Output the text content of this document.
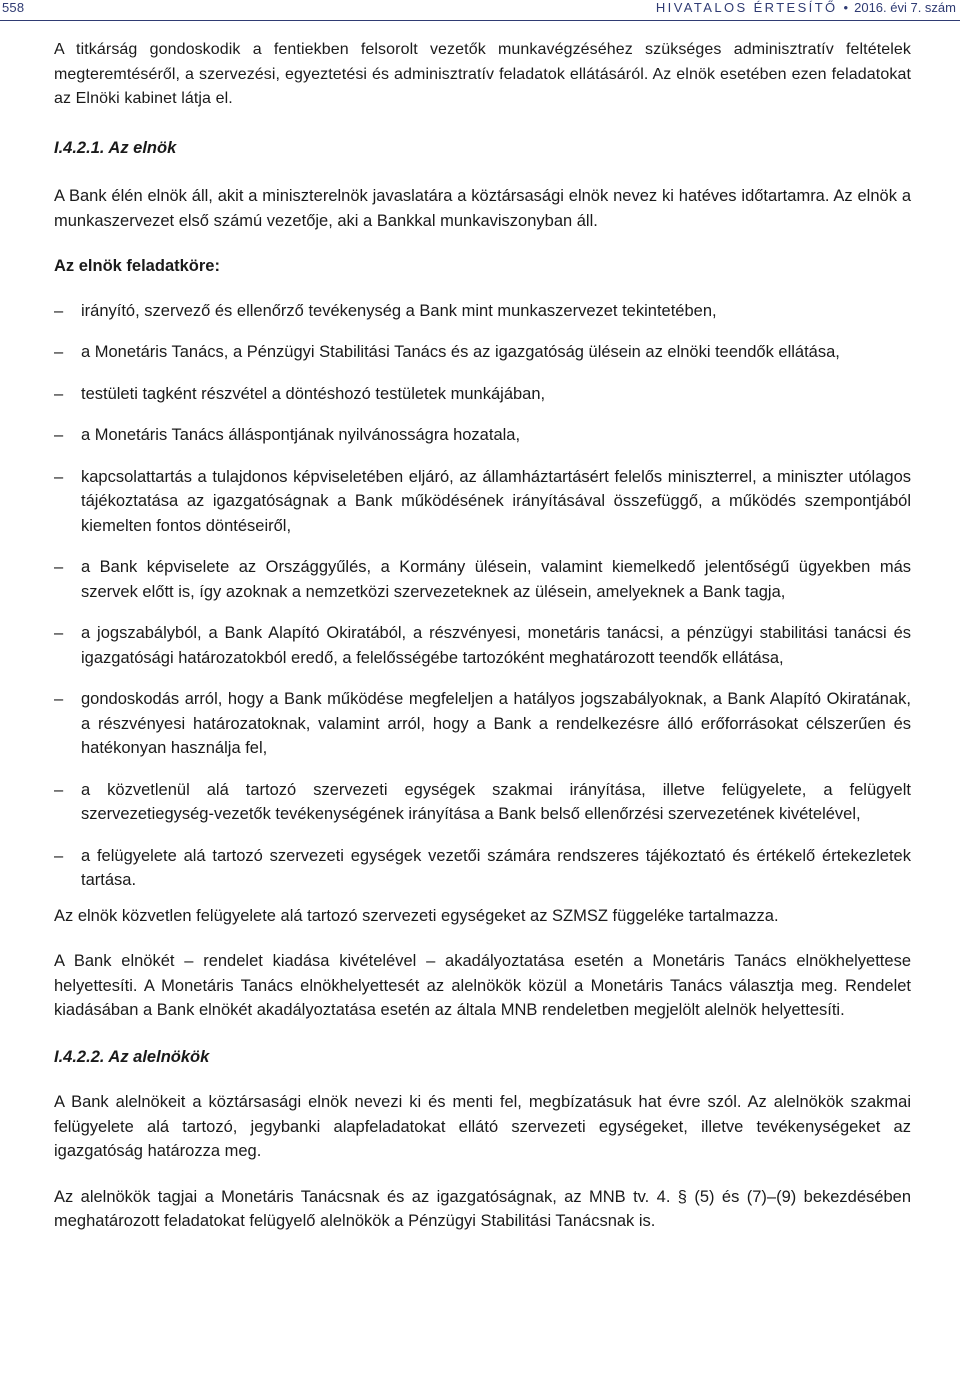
558	HIVATALOS ÉRTESÍTŐ • 2016. évi 7. szám

A titkárság gondoskodik a fentiekben felsorolt vezetők munkavégzéséhez szükséges adminisztratív feltételek megteremtéséről, a szervezési, egyeztetési és adminisztratív feladatok ellátásáról. Az elnök esetében ezen feladatokat az Elnöki kabinet látja el.

I.4.2.1. Az elnök

A Bank élén elnök áll, akit a miniszterelnök javaslatára a köztársasági elnök nevez ki hatéves időtartamra. Az elnök a munkaszervezet első számú vezetője, aki a Bankkal munkaviszonyban áll.

Az elnök feladatköre:

– irányító, szervező és ellenőrző tevékenység a Bank mint munkaszervezet tekintetében,

– a Monetáris Tanács, a Pénzügyi Stabilitási Tanács és az igazgatóság ülésein az elnöki teendők ellátása,

– testületi tagként részvétel a döntéshozó testületek munkájában,

– a Monetáris Tanács álláspontjának nyilvánosságra hozatala,

– kapcsolattartás a tulajdonos képviseletében eljáró, az államháztartásért felelős miniszterrel, a miniszter utólagos tájékoztatása az igazgatóságnak a Bank működésének irányításával összefüggő, a működés szempontjából kiemelten fontos döntéseiről,

– a Bank képviselete az Országgyűlés, a Kormány ülésein, valamint kiemelkedő jelentőségű ügyekben más szervek előtt is, így azoknak a nemzetközi szervezeteknek az ülésein, amelyeknek a Bank tagja,

– a jogszabályból, a Bank Alapító Okiratából, a részvényesi, monetáris tanácsi, a pénzügyi stabilitási tanácsi és igazgatósági határozatokból eredő, a felelősségébe tartozóként meghatározott teendők ellátása,

– gondoskodás arról, hogy a Bank működése megfeleljen a hatályos jogszabályoknak, a Bank Alapító Okiratának, a részvényesi határozatoknak, valamint arról, hogy a Bank a rendelkezésre álló erőforrásokat célszerűen és hatékonyan használja fel,

– a közvetlenül alá tartozó szervezeti egységek szakmai irányítása, illetve felügyelete, a felügyelt szervezetiegység-vezetők tevékenységének irányítása a Bank belső ellenőrzési szervezetének kivételével,

– a felügyelete alá tartozó szervezeti egységek vezetői számára rendszeres tájékoztató és értékelő értekezletek tartása.

Az elnök közvetlen felügyelete alá tartozó szervezeti egységeket az SZMSZ függeléke tartalmazza.

A Bank elnökét – rendelet kiadása kivételével – akadályoztatása esetén a Monetáris Tanács elnökhelyettese helyettesíti. A Monetáris Tanács elnökhelyettesét az alelnökök közül a Monetáris Tanács választja meg. Rendelet kiadásában a Bank elnökét akadályoztatása esetén az általa MNB rendeletben megjelölt alelnök helyettesíti.

I.4.2.2. Az alelnökök

A Bank alelnökeit a köztársasági elnök nevezi ki és menti fel, megbízatásuk hat évre szól. Az alelnökök szakmai felügyelete alá tartozó, jegybanki alapfeladatokat ellátó szervezeti egységeket, illetve tevékenységeket az igazgatóság határozza meg.

Az alelnökök tagjai a Monetáris Tanácsnak és az igazgatóságnak, az MNB tv. 4. § (5) és (7)–(9) bekezdésében meghatározott feladatokat felügyelő alelnökök a Pénzügyi Stabilitási Tanácsnak is.
